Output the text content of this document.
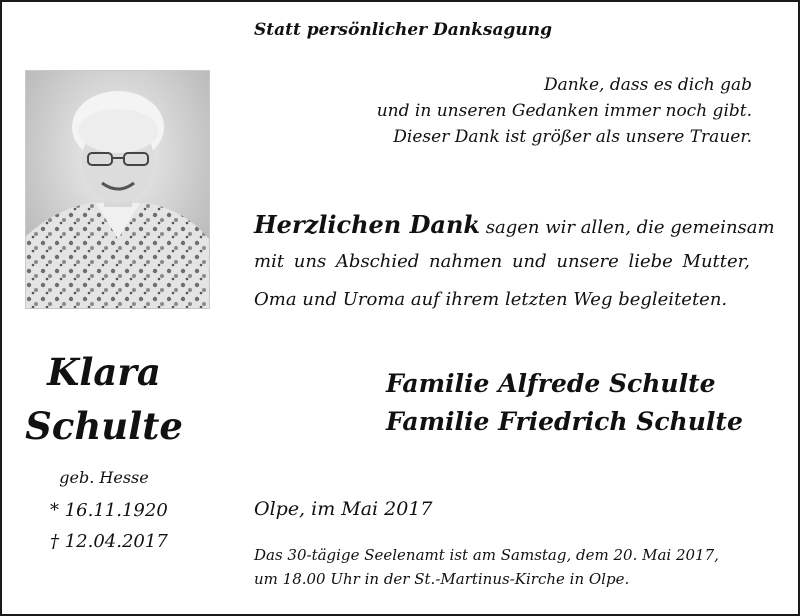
Statt persönlicher Danksagung
Danke, dass es dich gab
und in unseren Gedanken immer noch gibt.
Dieser Dank ist größer als unsere Trauer.
Klara
Schulte
geb. Hesse
* 16.11.1920
† 12.04.2017
Herzlichen Dank sagen wir allen, die gemeinsam
mit uns Abschied nahmen und unsere liebe Mutter,
Oma und Uroma auf ihrem letzten Weg begleiteten.
Familie Alfrede Schulte
Familie Friedrich Schulte
Olpe, im Mai 2017
Das 30-tägige Seelenamt ist am Samstag, dem 20. Mai 2017,
um 18.00 Uhr in der St.-Martinus-Kirche in Olpe.
